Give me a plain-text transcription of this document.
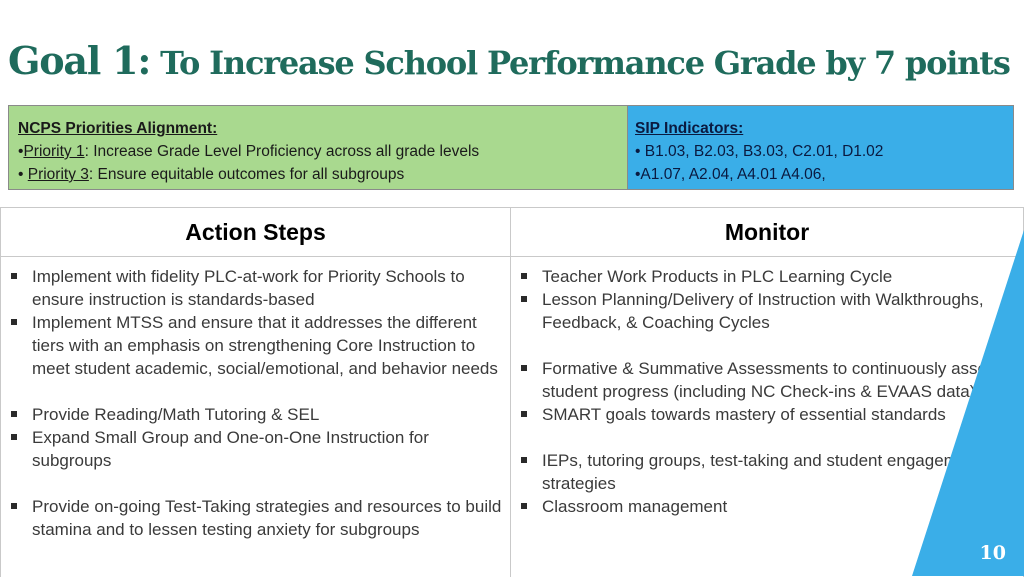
Goal 1: To Increase School Performance Grade by 7 points
NCPS Priorities Alignment:
•Priority 1: Increase Grade Level Proficiency across all grade levels
• Priority 3: Ensure equitable outcomes for all subgroups
SIP Indicators:
• B1.03, B2.03, B3.03, C2.01, D1.02
•A1.07, A2.04, A4.01 A4.06,
Action Steps
Implement with fidelity PLC-at-work for Priority Schools to ensure instruction is standards-based
Implement MTSS and ensure that it addresses the different tiers with an emphasis on strengthening Core Instruction to meet student academic, social/emotional, and behavior needs
Provide Reading/Math Tutoring & SEL
Expand Small Group and One-on-One Instruction for subgroups
Provide on-going Test-Taking strategies and resources to build stamina and to lessen testing anxiety for subgroups
Monitor
Teacher Work Products in PLC Learning Cycle
Lesson Planning/Delivery of Instruction with Walkthroughs, Feedback, & Coaching Cycles
Formative & Summative Assessments to continuously assess student progress (including NC Check-ins & EVAAS data)
SMART goals towards mastery of essential standards
IEPs, tutoring groups, test-taking and student engagement strategies
Classroom management
10
